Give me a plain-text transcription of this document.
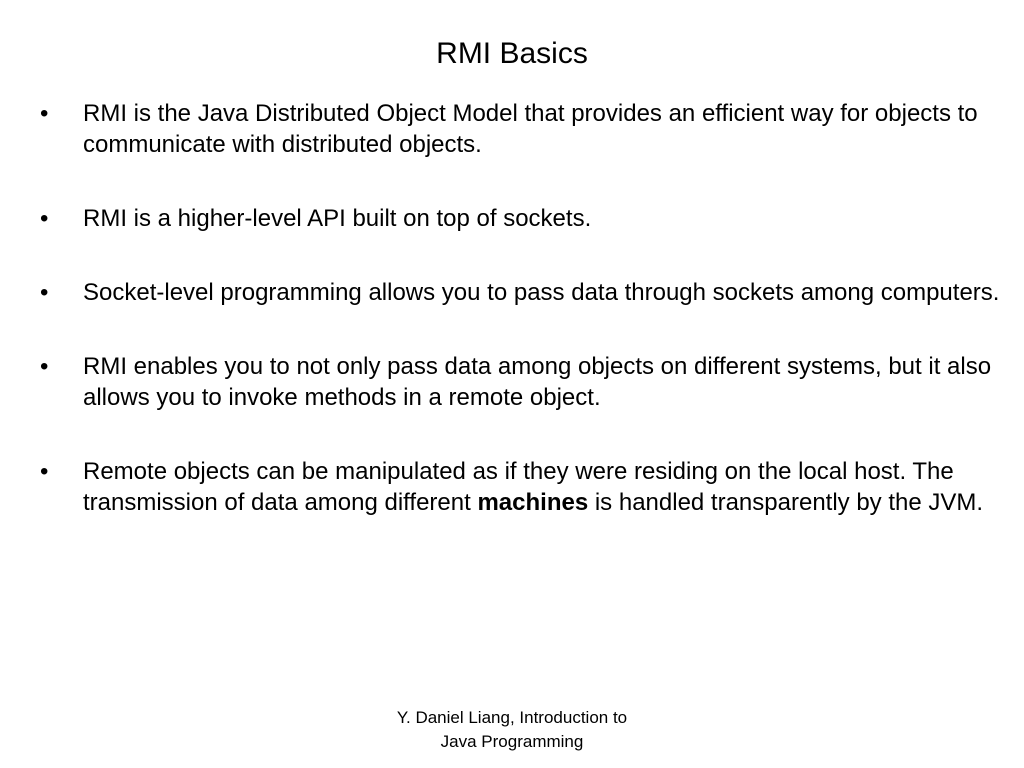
RMI Basics
•	RMI is the Java Distributed Object Model that provides an efficient way for objects to communicate with distributed objects.
•	RMI is a higher-level API built on top of sockets.
•	Socket-level programming allows you to pass data through sockets among computers.
•	RMI enables you to not only pass data among objects on different systems, but it also allows you to invoke methods in a remote object.
•	Remote objects can be manipulated as if they were residing on the local host. The transmission of data among different machines is handled transparently by the JVM.
Y. Daniel Liang, Introduction to
Java Programming
